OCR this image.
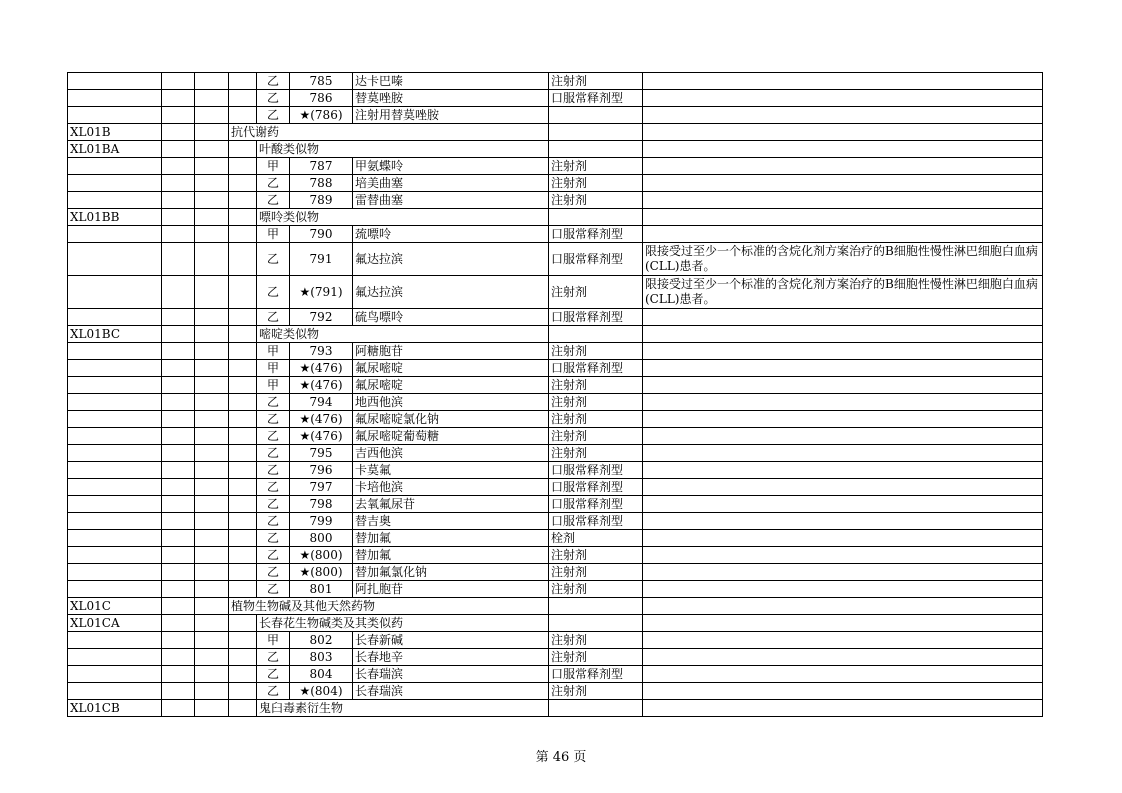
				乙	785	达卡巴嗪	注射剂	
				乙	786	替莫唑胺	口服常释剂型	
				乙	★(786)	注射用替莫唑胺		
XL01B			抗代谢药					
XL01BA				叶酸类似物				
				甲	787	甲氨蝶呤	注射剂	
				乙	788	培美曲塞	注射剂	
				乙	789	雷替曲塞	注射剂	
XL01BB				嘌呤类似物				
				甲	790	巯嘌呤	口服常释剂型	
				乙	791	氟达拉滨	口服常释剂型	限接受过至少一个标准的含烷化剂方案治疗的B细胞性慢性淋巴细胞白血病(CLL)患者。
				乙	★(791)	氟达拉滨	注射剂	限接受过至少一个标准的含烷化剂方案治疗的B细胞性慢性淋巴细胞白血病(CLL)患者。
				乙	792	硫鸟嘌呤	口服常释剂型	
XL01BC				嘧啶类似物				
				甲	793	阿糖胞苷	注射剂	
				甲	★(476)	氟尿嘧啶	口服常释剂型	
				甲	★(476)	氟尿嘧啶	注射剂	
				乙	794	地西他滨	注射剂	
				乙	★(476)	氟尿嘧啶氯化钠	注射剂	
				乙	★(476)	氟尿嘧啶葡萄糖	注射剂	
				乙	795	吉西他滨	注射剂	
				乙	796	卡莫氟	口服常释剂型	
				乙	797	卡培他滨	口服常释剂型	
				乙	798	去氧氟尿苷	口服常释剂型	
				乙	799	替吉奥	口服常释剂型	
				乙	800	替加氟	栓剂	
				乙	★(800)	替加氟	注射剂	
				乙	★(800)	替加氟氯化钠	注射剂	
				乙	801	阿扎胞苷	注射剂	
XL01C			植物生物碱及其他天然药物					
XL01CA				长春花生物碱类及其类似药				
				甲	802	长春新碱	注射剂	
				乙	803	长春地辛	注射剂	
				乙	804	长春瑞滨	口服常释剂型	
				乙	★(804)	长春瑞滨	注射剂	
XL01CB				鬼臼毒素衍生物				
第 46 页
